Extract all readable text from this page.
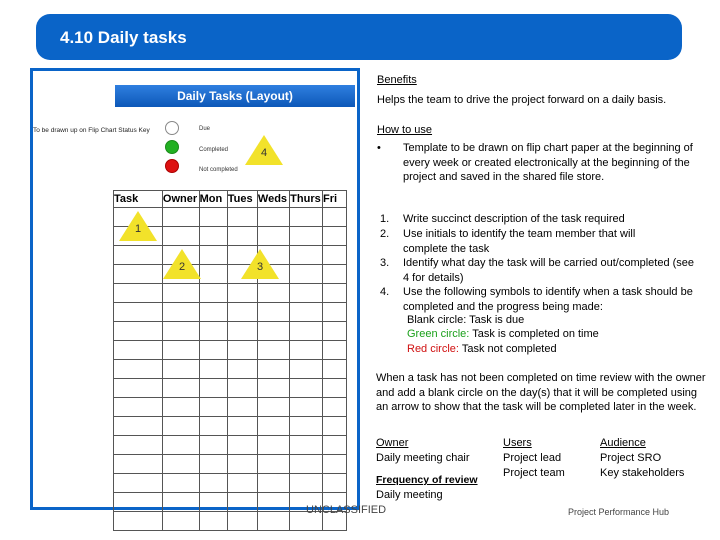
4.10 Daily tasks
Daily Tasks (Layout)
To be drawn up on Flip Chart Status Key	Due
Completed
Not completed
4
Task	Owner	Mon	Tues	Weds	Thurs	Fri

1
2	3
Benefits
Helps the team to drive the project forward on a daily basis.
How to use
• Template to be drawn on flip chart paper at the beginning of every week or created electronically at the beginning of the project and saved in the shared file store.
1. Write succinct description of the task required
2. Use initials to identify the team member that will complete the task
3. Identify what day the task will be carried out/completed (see 4 for details)
4. Use the following symbols to identify when a task should be completed and the progress being made:
Blank circle: Task is due
Green circle: Task is completed on time
Red circle: Task not completed
When a task has not been completed on time review with the owner and add a blank circle on the day(s) that it will be completed using an arrow to show that the task will be completed later in the week.
Owner
Daily meeting chair
Users
Project lead
Project team
Audience
Project SRO
Key stakeholders
Frequency of review
Daily meeting
UNCLASSIFIED	Project Performance Hub
